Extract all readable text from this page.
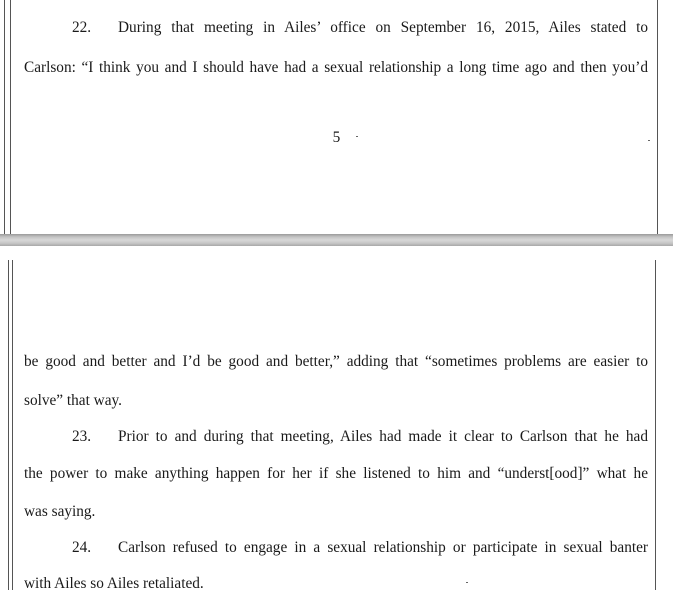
22. During that meeting in Ailes’ office on September 16, 2015, Ailes stated to

Carlson: “I think you and I should have had a sexual relationship a long time ago and then you’d

5

be good and better and I’d be good and better,” adding that “sometimes problems are easier to

solve” that way.

23. Prior to and during that meeting, Ailes had made it clear to Carlson that he had

the power to make anything happen for her if she listened to him and “underst[ood]” what he

was saying.

24. Carlson refused to engage in a sexual relationship or participate in sexual banter

with Ailes so Ailes retaliated.
